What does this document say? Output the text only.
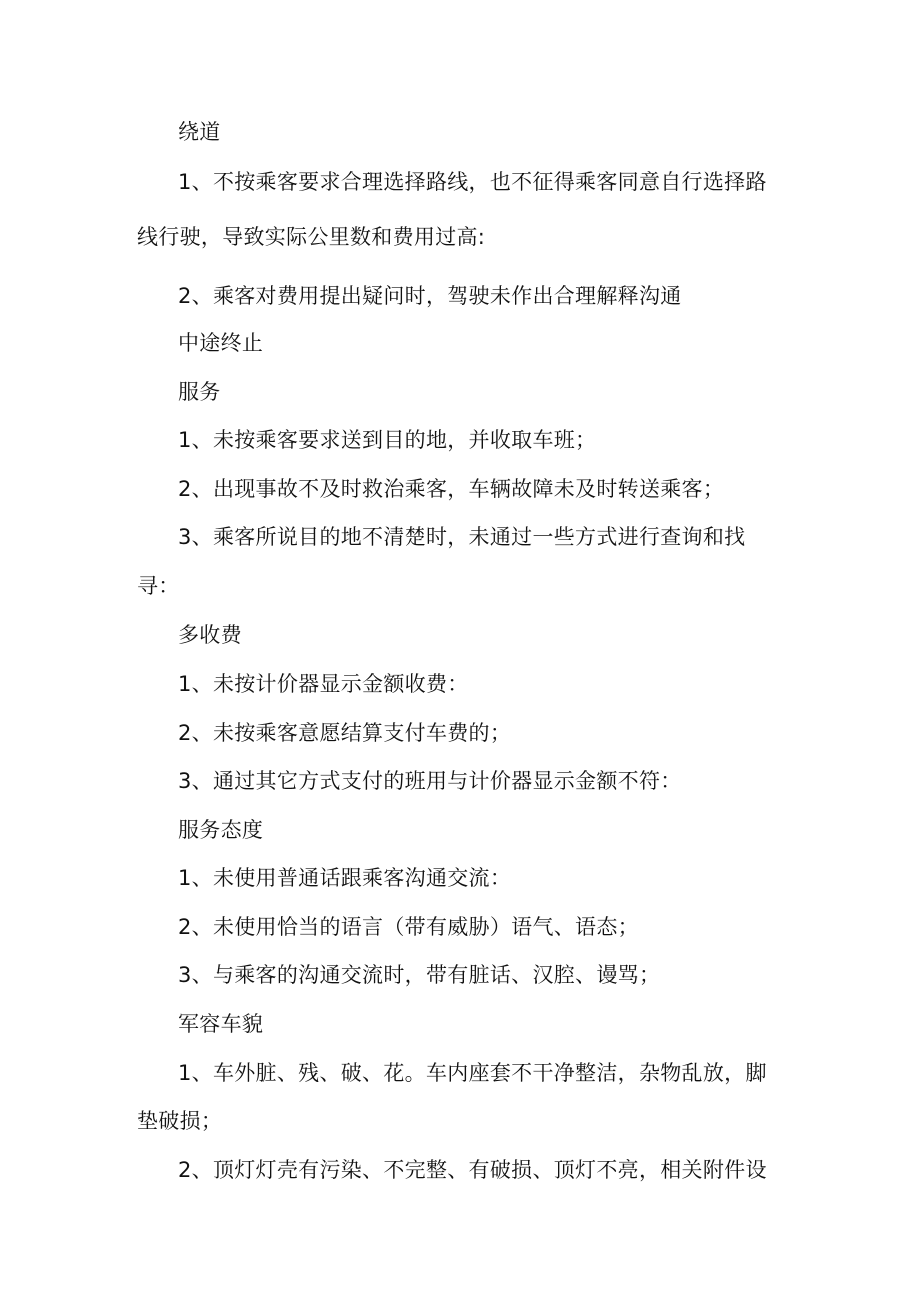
绕道
1、不按乘客要求合理选择路线，也不征得乘客同意自行选择路
线行驶，导致实际公里数和费用过高:
2、乘客对费用提出疑问时，驾驶未作出合理解释沟通
中途终止
服务
1、未按乘客要求送到目的地，并收取车班；
2、出现事故不及时救治乘客，车辆故障未及时转送乘客；
3、乘客所说目的地不清楚时，未通过一些方式进行查询和找
寻：
多收费
1、未按计价器显示金额收费：
2、未按乘客意愿结算支付车费的；
3、通过其它方式支付的班用与计价器显示金额不符：
服务态度
1、未使用普通话跟乘客沟通交流：
2、未使用恰当的语言（带有威胁）语气、语态；
3、与乘客的沟通交流时，带有脏话、汉腔、谩骂；
军容车貌
1、车外脏、残、破、花。车内座套不干净整洁，杂物乱放，脚
垫破损；
2、顶灯灯壳有污染、不完整、有破损、顶灯不亮，相关附件设
